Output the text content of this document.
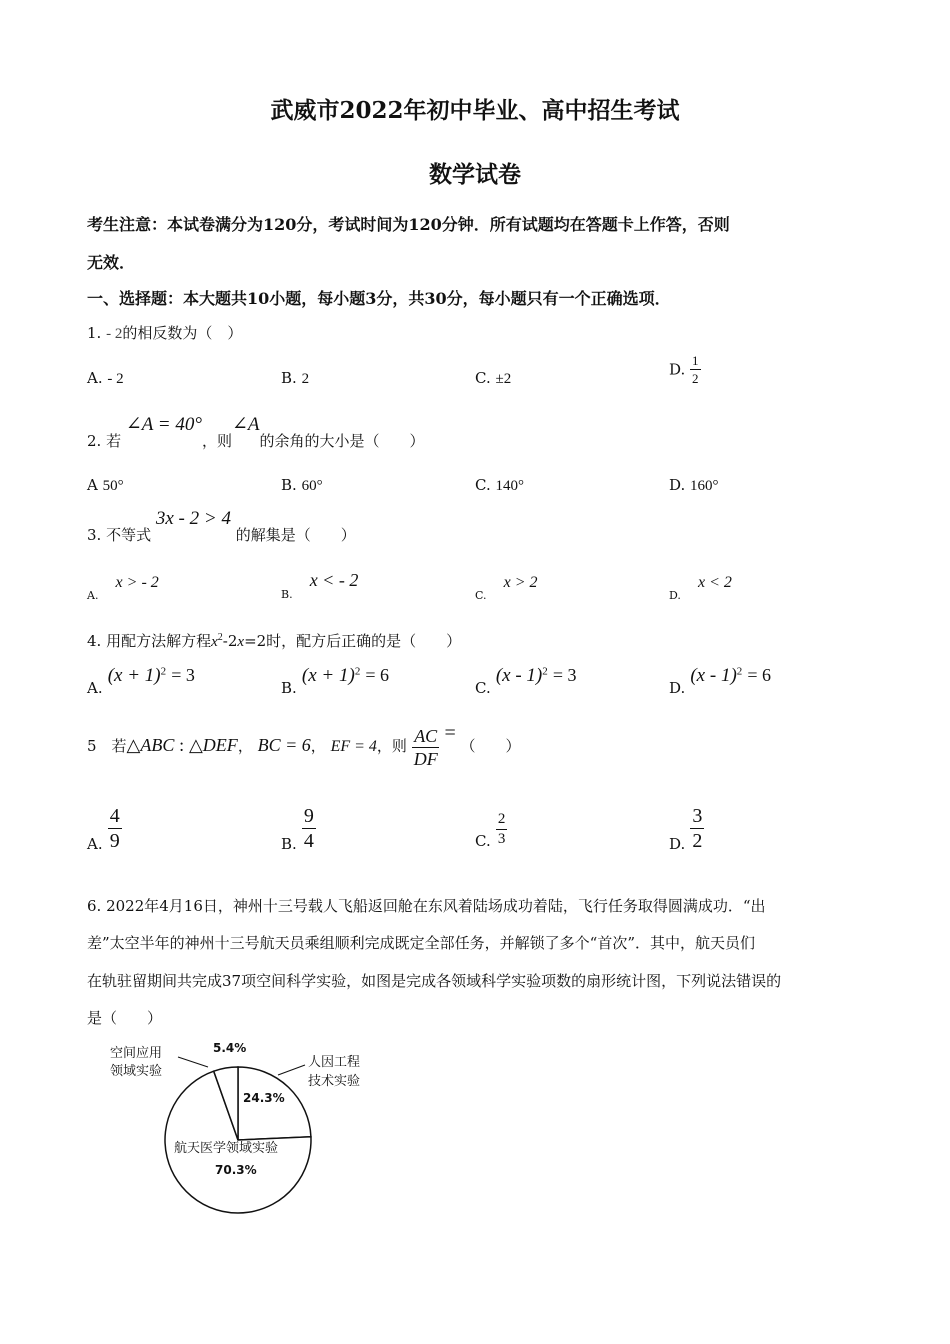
武威市2022年初中毕业、高中招生考试
数学试卷
考生注意：本试卷满分为120分，考试时间为120分钟．所有试题均在答题卡上作答，否则
无效．
一、选择题：本大题共10小题，每小题3分，共30分，每小题只有一个正确选项．
1. - 2的相反数为（　）
A. - 2	B. 2	C. ±2
D. $\frac{1}{2}$
2. 若 ∠A = 40°，则∠A的余角的大小是（　　）
A 50°	B. 60°	C. 140°	D. 160°
3. 不等式 3x - 2 > 4 的解集是（　　）
$_{A.}$ x > - 2
$_{B.}$ x < - 2
$_{C.}$ x > 2
$_{D.}$ x < 2
4. 用配方法解方程$x^2-2x=2$时，配方后正确的是（　　）
A. $(x + 1)^2 = 3$
B. $(x + 1)^2 = 6$
C. (x - 1)$^2$ = 3
D. (x - 1)$^2$ = 6
5　若△ABC : △DEF， BC = 6， EF = 4，则 $\frac{AC}{DF}$ = （　　）
A. $\frac{4}{9}$	B. $\frac{9}{4}$	C. $\frac{2}{3}$	D. $\frac{3}{2}$
6. 2022年4月16日，神州十三号载人飞船返回舱在东风着陆场成功着陆，飞行任务取得圆满成功．“出
差”太空半年的神州十三号航天员乘组顺利完成既定全部任务，并解锁了多个“首次”．其中，航天员们
在轨驻留期间共完成37项空间科学实验，如图是完成各领域科学实验项数的扇形统计图，下列说法错误的
是（　　）
空间应用
领域实验
5.4%
人因工程
技术实验
24.3%
航天医学领域实验
70.3%
